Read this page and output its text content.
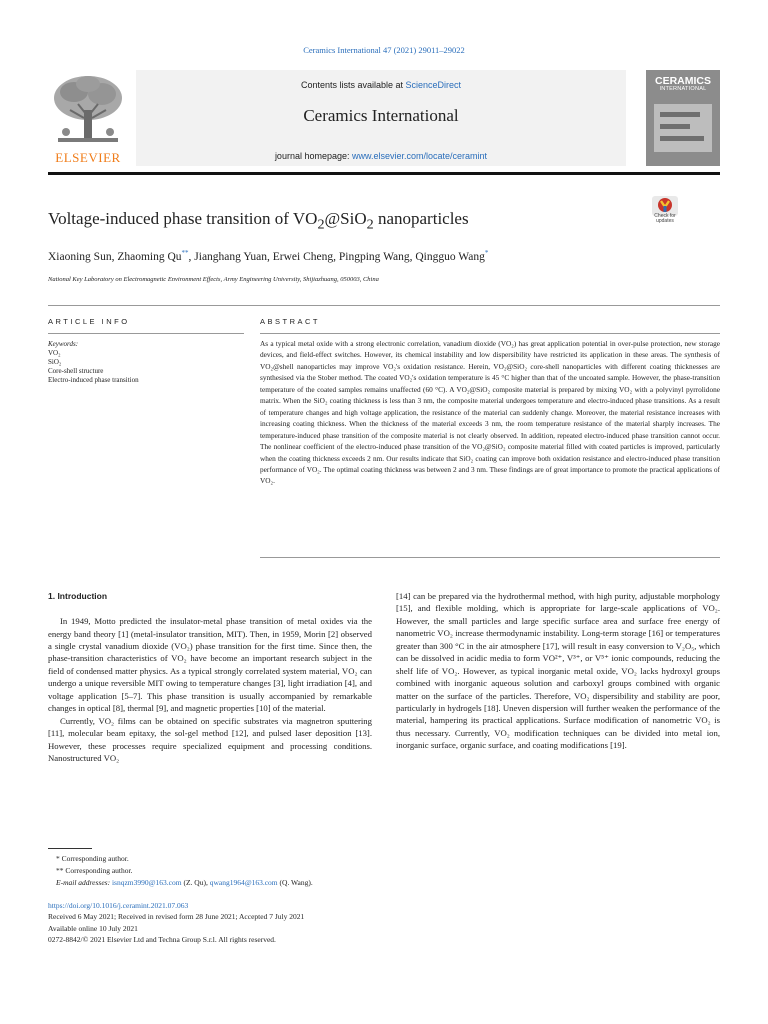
Ceramics International 47 (2021) 29011–29022
ELSEVIER
Contents lists available at ScienceDirect
Ceramics International
journal homepage: www.elsevier.com/locate/ceramint
CERAMICS
INTERNATIONAL
Voltage-induced phase transition of $VO_2@SiO_2$ nanoparticles	Check for updates
Xiaoning Sun, Zhaoming Qu**, Jianghang Yuan, Erwei Cheng, Pingping Wang, Qingguo Wang*
National Key Laboratory on Electromagnetic Environment Effects, Army Engineering University, Shijiazhuang, 050003, China
ARTICLE INFO	ABSTRACT
Keywords:
VO₂
SiO₂
Core-shell structure
Electro-induced phase transition
As a typical metal oxide with a strong electronic correlation, vanadium dioxide (VO₂) has great application potential in over-pulse protection, new storage devices, and field-effect switches. However, its chemical instability and low dispersibility have restricted its application in these areas. The synthesis of VO₂@shell nanoparticles may improve VO₂'s oxidation resistance. Herein, VO₂@SiO₂ core-shell nanoparticles with different coating thicknesses are synthesised via the Stober method. The coated VO₂'s oxidation temperature is 45 °C higher than that of the uncoated sample. However, the phase-transition temperature of the coated samples remains unaffected (60 °C). A VO₂@SiO₂ composite material is prepared by mixing VO₂ with a polyvinyl pyrrolidone matrix. When the SiO₂ coating thickness is less than 3 nm, the composite material undergoes temperature and electro-induced phase transitions. As a result of temperature changes and high voltage application, the resistance of the material can suddenly change. Moreover, the material resistance increases with increasing coating thickness. When the thickness of the material exceeds 3 nm, the room temperature resistance of the material sharply increases. The temperature-induced phase transition of the composite material is not clearly observed. In addition, repeated electro-induced phase transition cannot occur. The nonlinear coefficient of the electro-induced phase transition of the VO₂@SiO₂ composite material filled with coated particles is improved, particularly when the coating thickness exceeds 2 nm. Our results indicate that SiO₂ coating can improve both oxidation resistance and electro-induced phase transition performance of VO₂. The optimal coating thickness was between 2 and 3 nm. These findings are of great importance to promote the practical applications of VO₂.
1. Introduction

In 1949, Motto predicted the insulator-metal phase transition of metal oxides via the energy band theory [1] (metal-insulator transition, MIT). Then, in 1959, Morin [2] observed a single crystal vanadium dioxide (VO₂) phase transition for the first time. Since then, the phase-transition characteristics of VO₂ have become an important research subject in the field of condensed matter physics. As a typical strongly correlated system material, VO₂ can undergo a unique reversible MIT owing to temperature changes [3], light irradiation [4], and voltage application [5–7]. This phase transition is usually accompanied by remarkable changes in optical [8], thermal [9], and magnetic properties [10] of the material.

Currently, VO₂ films can be obtained on specific substrates via magnetron sputtering [11], molecular beam epitaxy, the sol-gel method [12], and pulsed laser deposition [13]. However, these processes require specialized equipment and processing conditions. Nanostructured VO₂

[14] can be prepared via the hydrothermal method, with high purity, adjustable morphology [15], and flexible molding, which is appropriate for large-scale applications of VO₂. However, the small particles and large specific surface area and surface free energy of nanometric VO₂ increase thermodynamic instability. Long-term storage [16] or temperatures greater than 300 °C in the air atmosphere [17], will result in easy conversion to V₂O₅, which can be dissolved in acidic media to form VO²⁺, V³⁺, or V⁵⁺ ionic compounds, reducing the shelf life of VO₂. However, as typical inorganic metal oxide, VO₂ lacks hydroxyl groups combined with inorganic aqueous solution and carboxyl groups combined with organic matter on the surface of the particles. Therefore, VO₂ dispersibility and stability are poor, particularly in hydrogels [18]. Uneven dispersion will further weaken the performance of the material, hampering its practical applications. Surface modification of nanometric VO₂ is thus necessary. Currently, VO₂ modification techniques can be divided into metal ion, inorganic surface, organic surface, and coating modifications [19].

* Corresponding author.
** Corresponding author.
E-mail addresses: isnqzm3990@163.com (Z. Qu), qwang1964@163.com (Q. Wang).
https://doi.org/10.1016/j.ceramint.2021.07.063
Received 6 May 2021; Received in revised form 28 June 2021; Accepted 7 July 2021
Available online 10 July 2021
0272-8842/© 2021 Elsevier Ltd and Techna Group S.r.l. All rights reserved.
